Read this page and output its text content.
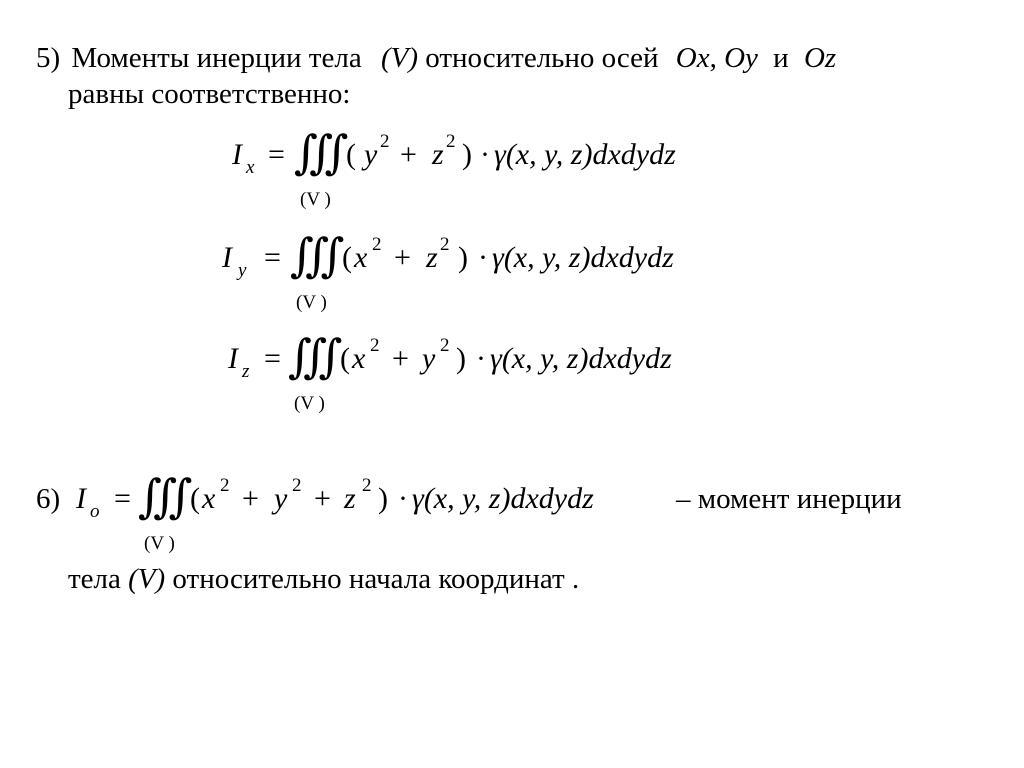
5) Моменты инерции тела (V) относительно осей Ox, Oy и Oz
равны соответственно:
I x = ∭
(V )
( y 2 + z 2 ) · γ(x, y, z)dxdydz
I y = ∭
(V )
( x 2 + z 2 ) · γ(x, y, z)dxdydz
I z = ∭
(V )
( x 2 + y 2 ) · γ(x, y, z)dxdydz
6) I o = ∭
(V )
( x 2 + y 2 + z 2 ) · γ(x, y, z)dxdydz	– момент инерции
тела (V) относительно начала координат .
